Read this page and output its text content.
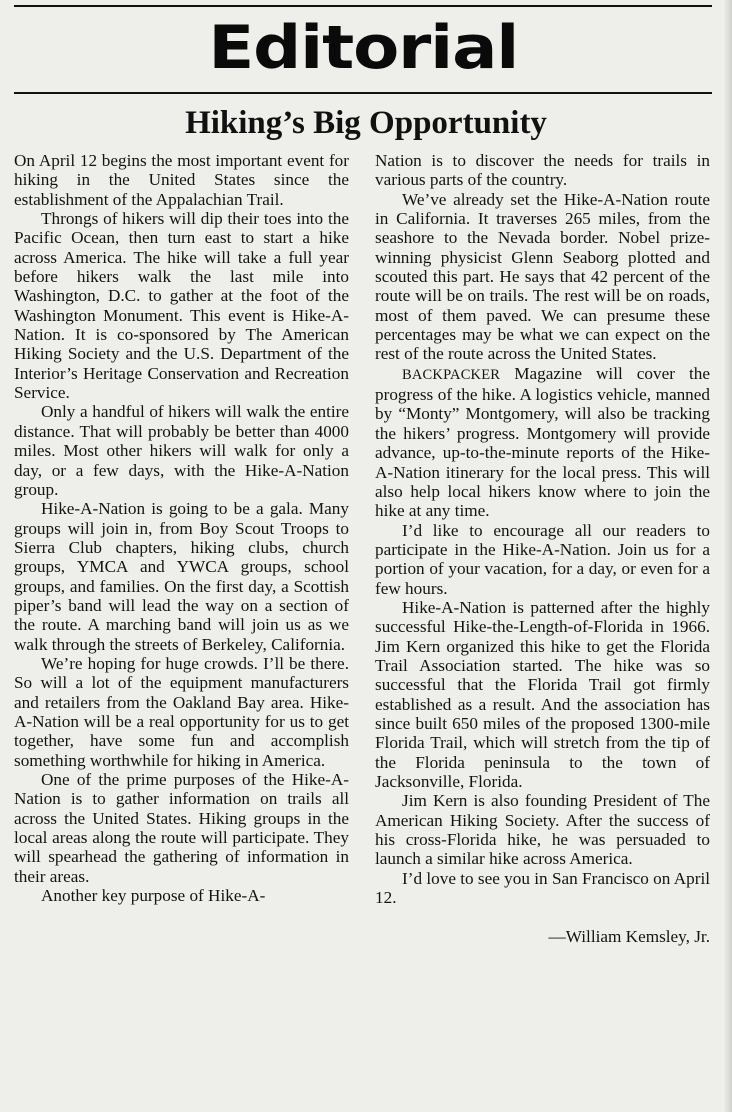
Editorial
Hiking’s Big Opportunity

On April 12 begins the most important event for hiking in the United States since the establishment of the Appalachian Trail.

Throngs of hikers will dip their toes into the Pacific Ocean, then turn east to start a hike across America. The hike will take a full year before hikers walk the last mile into Washington, D.C. to gather at the foot of the Washington Monument. This event is Hike-A-Nation. It is co-sponsored by The American Hiking Society and the U.S. Department of the Interior’s Heritage Conservation and Recreation Service.

Only a handful of hikers will walk the entire distance. That will probably be better than 4000 miles. Most other hikers will walk for only a day, or a few days, with the Hike-A-Nation group.

Hike-A-Nation is going to be a gala. Many groups will join in, from Boy Scout Troops to Sierra Club chapters, hiking clubs, church groups, YMCA and YWCA groups, school groups, and families. On the first day, a Scottish piper’s band will lead the way on a section of the route. A marching band will join us as we walk through the streets of Berkeley, California.

We’re hoping for huge crowds. I’ll be there. So will a lot of the equipment manufacturers and retailers from the Oakland Bay area. Hike-A-Nation will be a real opportunity for us to get together, have some fun and accomplish something worthwhile for hiking in America.

One of the prime purposes of the Hike-A-Nation is to gather information on trails all across the United States. Hiking groups in the local areas along the route will participate. They will spearhead the gathering of information in their areas.

Another key purpose of Hike-A-

Nation is to discover the needs for trails in various parts of the country.

We’ve already set the Hike-A-Nation route in California. It traverses 265 miles, from the seashore to the Nevada border. Nobel prize-winning physicist Glenn Seaborg plotted and scouted this part. He says that 42 percent of the route will be on trails. The rest will be on roads, most of them paved. We can presume these percentages may be what we can expect on the rest of the route across the United States.

BACKPACKER Magazine will cover the progress of the hike. A logistics vehicle, manned by “Monty” Montgomery, will also be tracking the hikers’ progress. Montgomery will provide advance, up-to-the-minute reports of the Hike-A-Nation itinerary for the local press. This will also help local hikers know where to join the hike at any time.

I’d like to encourage all our readers to participate in the Hike-A-Nation. Join us for a portion of your vacation, for a day, or even for a few hours.

Hike-A-Nation is patterned after the highly successful Hike-the-Length-of-Florida in 1966. Jim Kern organized this hike to get the Florida Trail Association started. The hike was so successful that the Florida Trail got firmly established as a result. And the association has since built 650 miles of the proposed 1300-mile Florida Trail, which will stretch from the tip of the Florida peninsula to the town of Jacksonville, Florida.

Jim Kern is also founding President of The American Hiking Society. After the success of his cross-Florida hike, he was persuaded to launch a similar hike across America.

I’d love to see you in San Francisco on April 12.

—William Kemsley, Jr.
